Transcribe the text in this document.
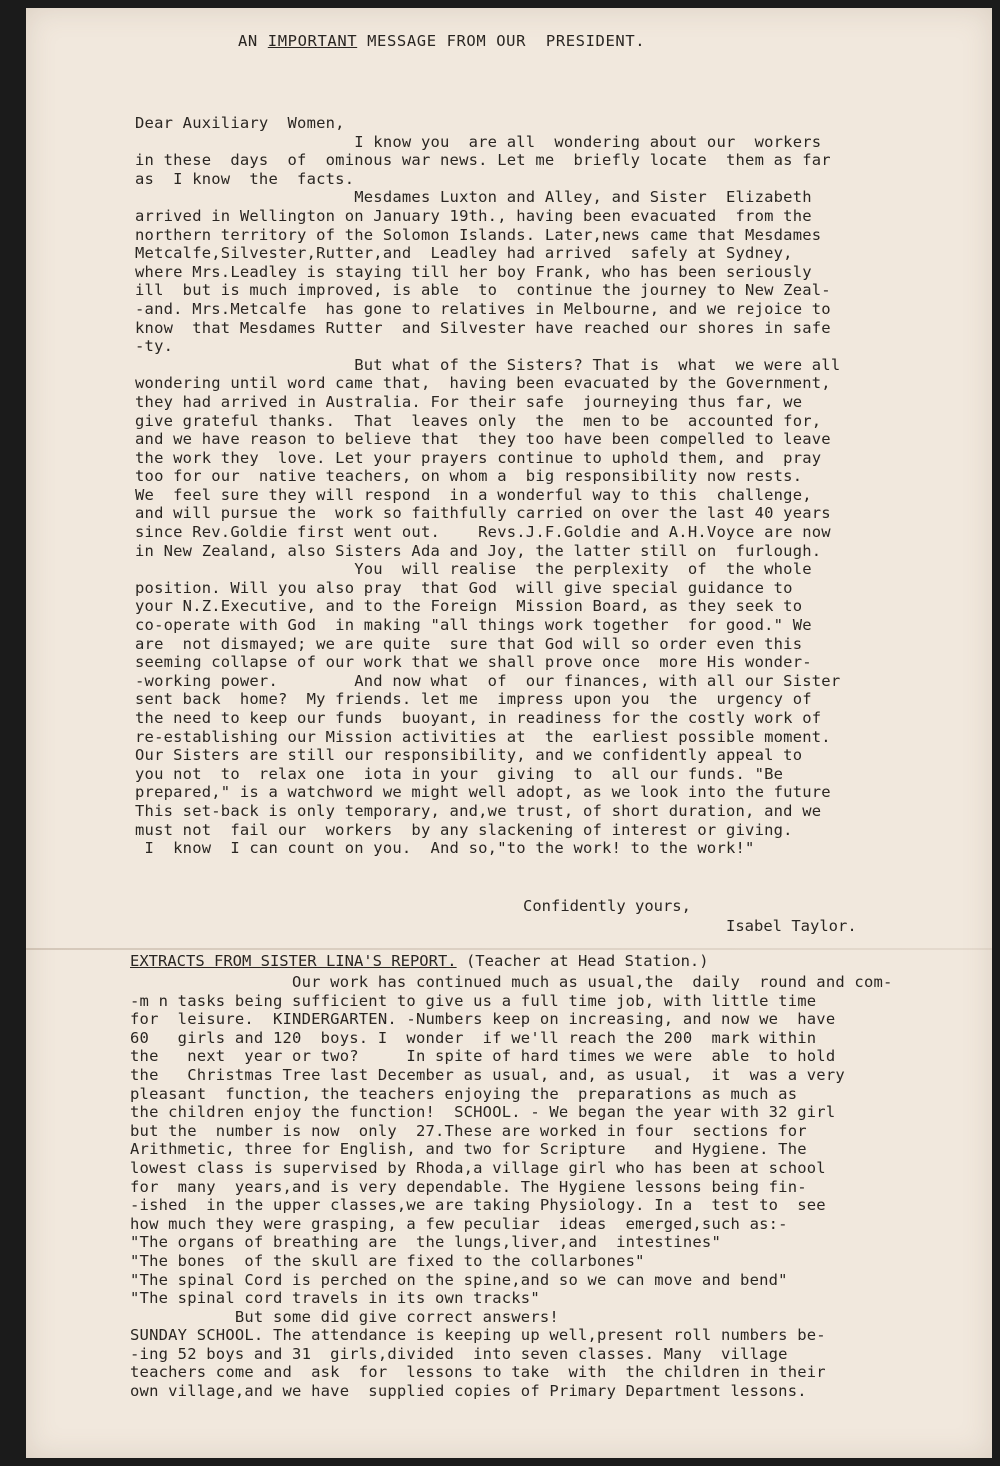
AN IMPORTANT MESSAGE FROM OUR  PRESIDENT.
Dear Auxiliary  Women,
I know you  are all  wondering about our  workers
in these  days  of  ominous war news. Let me  briefly locate  them as far
as  I know  the  facts.
Mesdames Luxton and Alley, and Sister  Elizabeth
arrived in Wellington on January 19th., having been evacuated  from the
northern territory of the Solomon Islands. Later,news came that Mesdames
Metcalfe,Silvester,Rutter,and  Leadley had arrived  safely at Sydney,
where Mrs.Leadley is staying till her boy Frank, who has been seriously
ill  but is much improved, is able  to  continue the journey to New Zeal-
-and. Mrs.Metcalfe  has gone to relatives in Melbourne, and we rejoice to
know  that Mesdames Rutter  and Silvester have reached our shores in safe
-ty.
But what of the Sisters? That is  what  we were all
wondering until word came that,  having been evacuated by the Government,
they had arrived in Australia. For their safe  journeying thus far, we
give grateful thanks.  That  leaves only  the  men to be  accounted for,
and we have reason to believe that  they too have been compelled to leave
the work they  love. Let your prayers continue to uphold them, and  pray
too for our  native teachers, on whom a  big responsibility now rests.
We  feel sure they will respond  in a wonderful way to this  challenge,
and will pursue the  work so faithfully carried on over the last 40 years
since Rev.Goldie first went out.    Revs.J.F.Goldie and A.H.Voyce are now
in New Zealand, also Sisters Ada and Joy, the latter still on  furlough.
You  will realise  the perplexity  of  the whole
position. Will you also pray  that God  will give special guidance to
your N.Z.Executive, and to the Foreign  Mission Board, as they seek to
co-operate with God  in making "all things work together  for good." We
are  not dismayed; we are quite  sure that God will so order even this
seeming collapse of our work that we shall prove once  more His wonder-
-working power.        And now what  of  our finances, with all our Sister
sent back  home?  My friends. let me  impress upon you  the  urgency of
the need to keep our funds  buoyant, in readiness for the costly work of
re-establishing our Mission activities at  the  earliest possible moment.
Our Sisters are still our responsibility, and we confidently appeal to
you not  to  relax one  iota in your  giving  to  all our funds. "Be
prepared," is a watchword we might well adopt, as we look into the future
This set-back is only temporary, and,we trust, of short duration, and we
must not  fail our  workers  by any slackening of interest or giving.
I  know  I can count on you.  And so,"to the work! to the work!"
Confidently yours,
Isabel Taylor.
EXTRACTS FROM SISTER LINA'S REPORT. (Teacher at Head Station.)
Our work has continued much as usual,the  daily  round and com-
-m n tasks being sufficient to give us a full time job, with little time
for  leisure.  KINDERGARTEN. -Numbers keep on increasing, and now we  have
60   girls and 120  boys. I  wonder  if we'll reach the 200  mark within
the   next  year or two?     In spite of hard times we were  able  to hold
the   Christmas Tree last December as usual, and, as usual,  it  was a very
pleasant  function, the teachers enjoying the  preparations as much as
the children enjoy the function!  SCHOOL. - We began the year with 32 girl
but the  number is now  only  27.These are worked in four  sections for
Arithmetic, three for English, and two for Scripture   and Hygiene. The
lowest class is supervised by Rhoda,a village girl who has been at school
for  many  years,and is very dependable. The Hygiene lessons being fin-
-ished  in the upper classes,we are taking Physiology. In a  test to  see
how much they were grasping, a few peculiar  ideas  emerged,such as:-
"The organs of breathing are  the lungs,liver,and  intestines"
"The bones  of the skull are fixed to the collarbones"
"The spinal Cord is perched on the spine,and so we can move and bend"
"The spinal cord travels in its own tracks"
But some did give correct answers!
SUNDAY SCHOOL. The attendance is keeping up well,present roll numbers be-
-ing 52 boys and 31  girls,divided  into seven classes. Many  village
teachers come and  ask  for  lessons to take  with  the children in their
own village,and we have  supplied copies of Primary Department lessons.
